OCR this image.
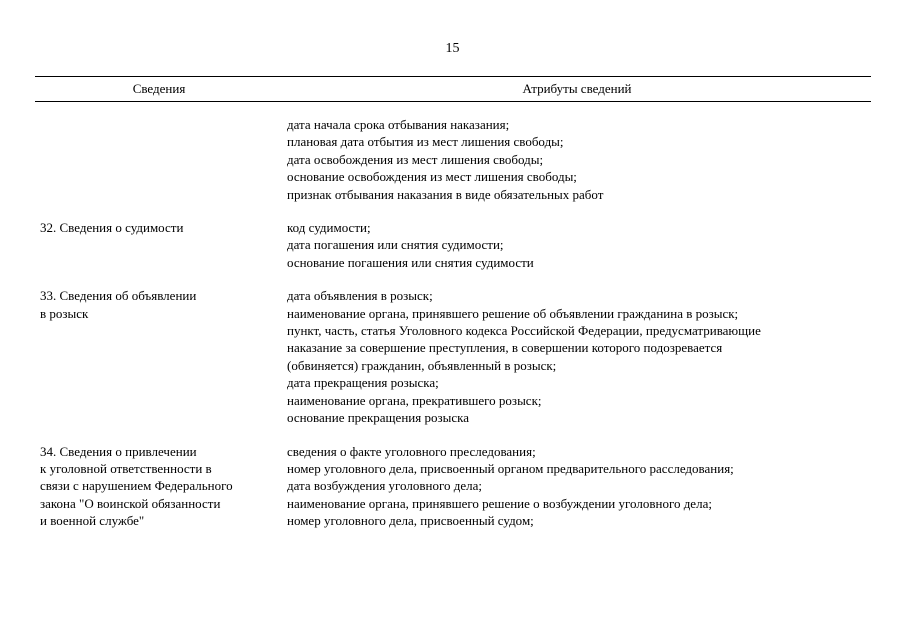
15
Сведения	Атрибуты сведений
дата начала срока отбывания наказания;
плановая дата отбытия из мест лишения свободы;
дата освобождения из мест лишения свободы;
основание освобождения из мест лишения свободы;
признак отбывания наказания в виде обязательных работ
32. Сведения о судимости	код судимости;
дата погашения или снятия судимости;
основание погашения или снятия судимости
33. Сведения об объявлении
в розыск
дата объявления в розыск;
наименование органа, принявшего решение об объявлении гражданина в розыск;
пункт, часть, статья Уголовного кодекса Российской Федерации, предусматривающие
наказание за совершение преступления, в совершении которого подозревается
(обвиняется) гражданин, объявленный в розыск;
дата прекращения розыска;
наименование органа, прекратившего розыск;
основание прекращения розыска
34. Сведения о привлечении
к уголовной ответственности в
связи с нарушением Федерального
закона "О воинской обязанности
и военной службе"
сведения о факте уголовного преследования;
номер уголовного дела, присвоенный органом предварительного расследования;
дата возбуждения уголовного дела;
наименование органа, принявшего решение о возбуждении уголовного дела;
номер уголовного дела, присвоенный судом;
